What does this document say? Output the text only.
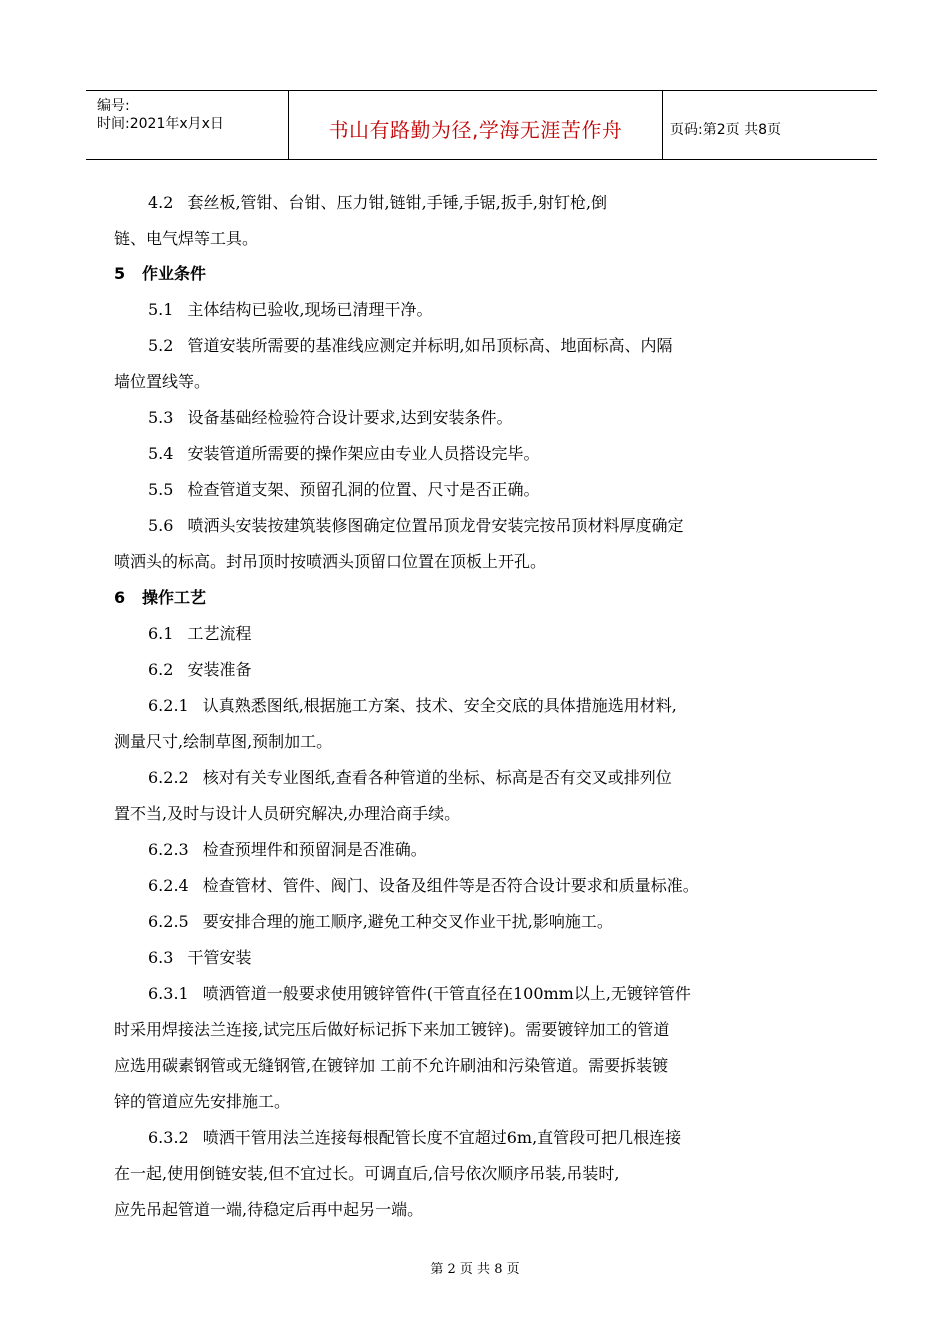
编号:
时间:2021年x月x日	书山有路勤为径,学海无涯苦作舟	页码:第2页 共8页
4.2 套丝板,管钳、台钳、压力钳,链钳,手锤,手锯,扳手,射钉枪,倒
链、电气焊等工具。
5 作业条件
5.1 主体结构已验收,现场已清理干净。
5.2 管道安装所需要的基准线应测定并标明,如吊顶标高、地面标高、内隔
墙位置线等。
5.3 设备基础经检验符合设计要求,达到安装条件。
5.4 安装管道所需要的操作架应由专业人员搭设完毕。
5.5 检查管道支架、预留孔洞的位置、尺寸是否正确。
5.6 喷洒头安装按建筑装修图确定位置吊顶龙骨安装完按吊顶材料厚度确定
喷洒头的标高。封吊顶时按喷洒头顶留口位置在顶板上开孔。
6 操作工艺
6.1 工艺流程
6.2 安装准备
6.2.1 认真熟悉图纸,根据施工方案、技术、安全交底的具体措施选用材料,
测量尺寸,绘制草图,预制加工。
6.2.2 核对有关专业图纸,查看各种管道的坐标、标高是否有交叉或排列位
置不当,及时与设计人员研究解决,办理洽商手续。
6.2.3 检查预埋件和预留洞是否准确。
6.2.4 检查管材、管件、阀门、设备及组件等是否符合设计要求和质量标准。
6.2.5 要安排合理的施工顺序,避免工种交叉作业干扰,影响施工。
6.3 干管安装
6.3.1 喷洒管道一般要求使用镀锌管件(干管直径在100mm以上,无镀锌管件
时采用焊接法兰连接,试完压后做好标记拆下来加工镀锌)。需要镀锌加工的管道
应选用碳素钢管或无缝钢管,在镀锌加 工前不允许刷油和污染管道。需要拆装镀
锌的管道应先安排施工。
6.3.2 喷洒干管用法兰连接每根配管长度不宜超过6m,直管段可把几根连接
在一起,使用倒链安装,但不宜过长。可调直后,信号依次顺序吊装,吊装时,
应先吊起管道一端,待稳定后再中起另一端。
第 2 页 共 8 页
